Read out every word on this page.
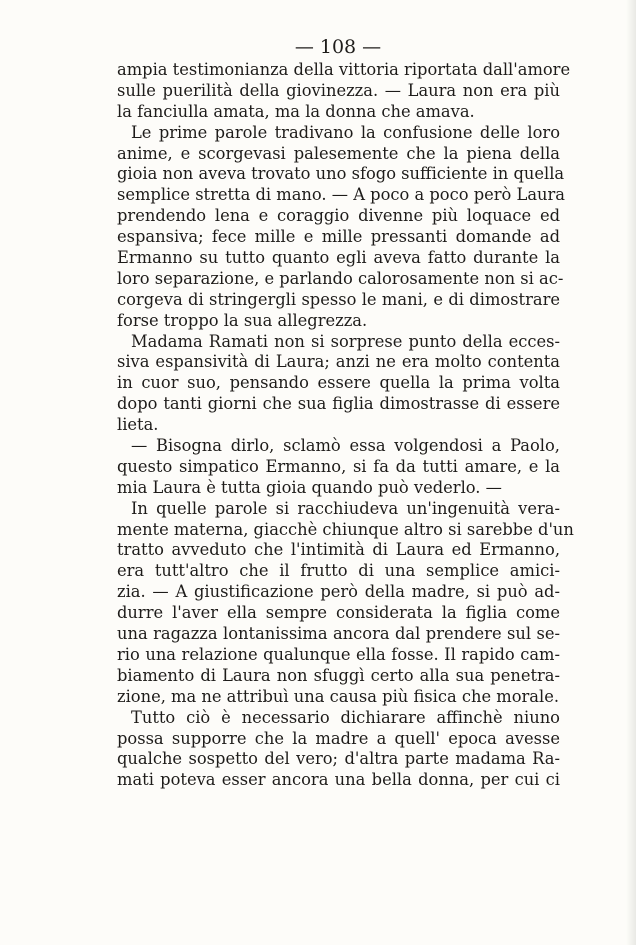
— 108 —
ampia testimonianza della vittoria riportata dall'amore
sulle puerilità della giovinezza. — Laura non era più
la fanciulla amata, ma la donna che amava.
Le prime parole tradivano la confusione delle loro
anime, e scorgevasi palesemente che la piena della
gioia non aveva trovato uno sfogo sufficiente in quella
semplice stretta di mano. — A poco a poco però Laura
prendendo lena e coraggio divenne più loquace ed
espansiva; fece mille e mille pressanti domande ad
Ermanno su tutto quanto egli aveva fatto durante la
loro separazione, e parlando calorosamente non si ac-
corgeva di stringergli spesso le mani, e di dimostrare
forse troppo la sua allegrezza.
Madama Ramati non si sorprese punto della ecces-
siva espansività di Laura; anzi ne era molto contenta
in cuor suo, pensando essere quella la prima volta
dopo tanti giorni che sua figlia dimostrasse di essere
lieta.
— Bisogna dirlo, sclamò essa volgendosi a Paolo,
questo simpatico Ermanno, si fa da tutti amare, e la
mia Laura è tutta gioia quando può vederlo. —
In quelle parole si racchiudeva un'ingenuità vera-
mente materna, giacchè chiunque altro si sarebbe d'un
tratto avveduto che l'intimità di Laura ed Ermanno,
era tutt'altro che il frutto di una semplice amici-
zia. — A giustificazione però della madre, si può ad-
durre l'aver ella sempre considerata la figlia come
una ragazza lontanissima ancora dal prendere sul se-
rio una relazione qualunque ella fosse. Il rapido cam-
biamento di Laura non sfuggì certo alla sua penetra-
zione, ma ne attribuì una causa più fisica che morale.
Tutto ciò è necessario dichiarare affinchè niuno
possa supporre che la madre a quell' epoca avesse
qualche sospetto del vero; d'altra parte madama Ra-
mati poteva esser ancora una bella donna, per cui ci
